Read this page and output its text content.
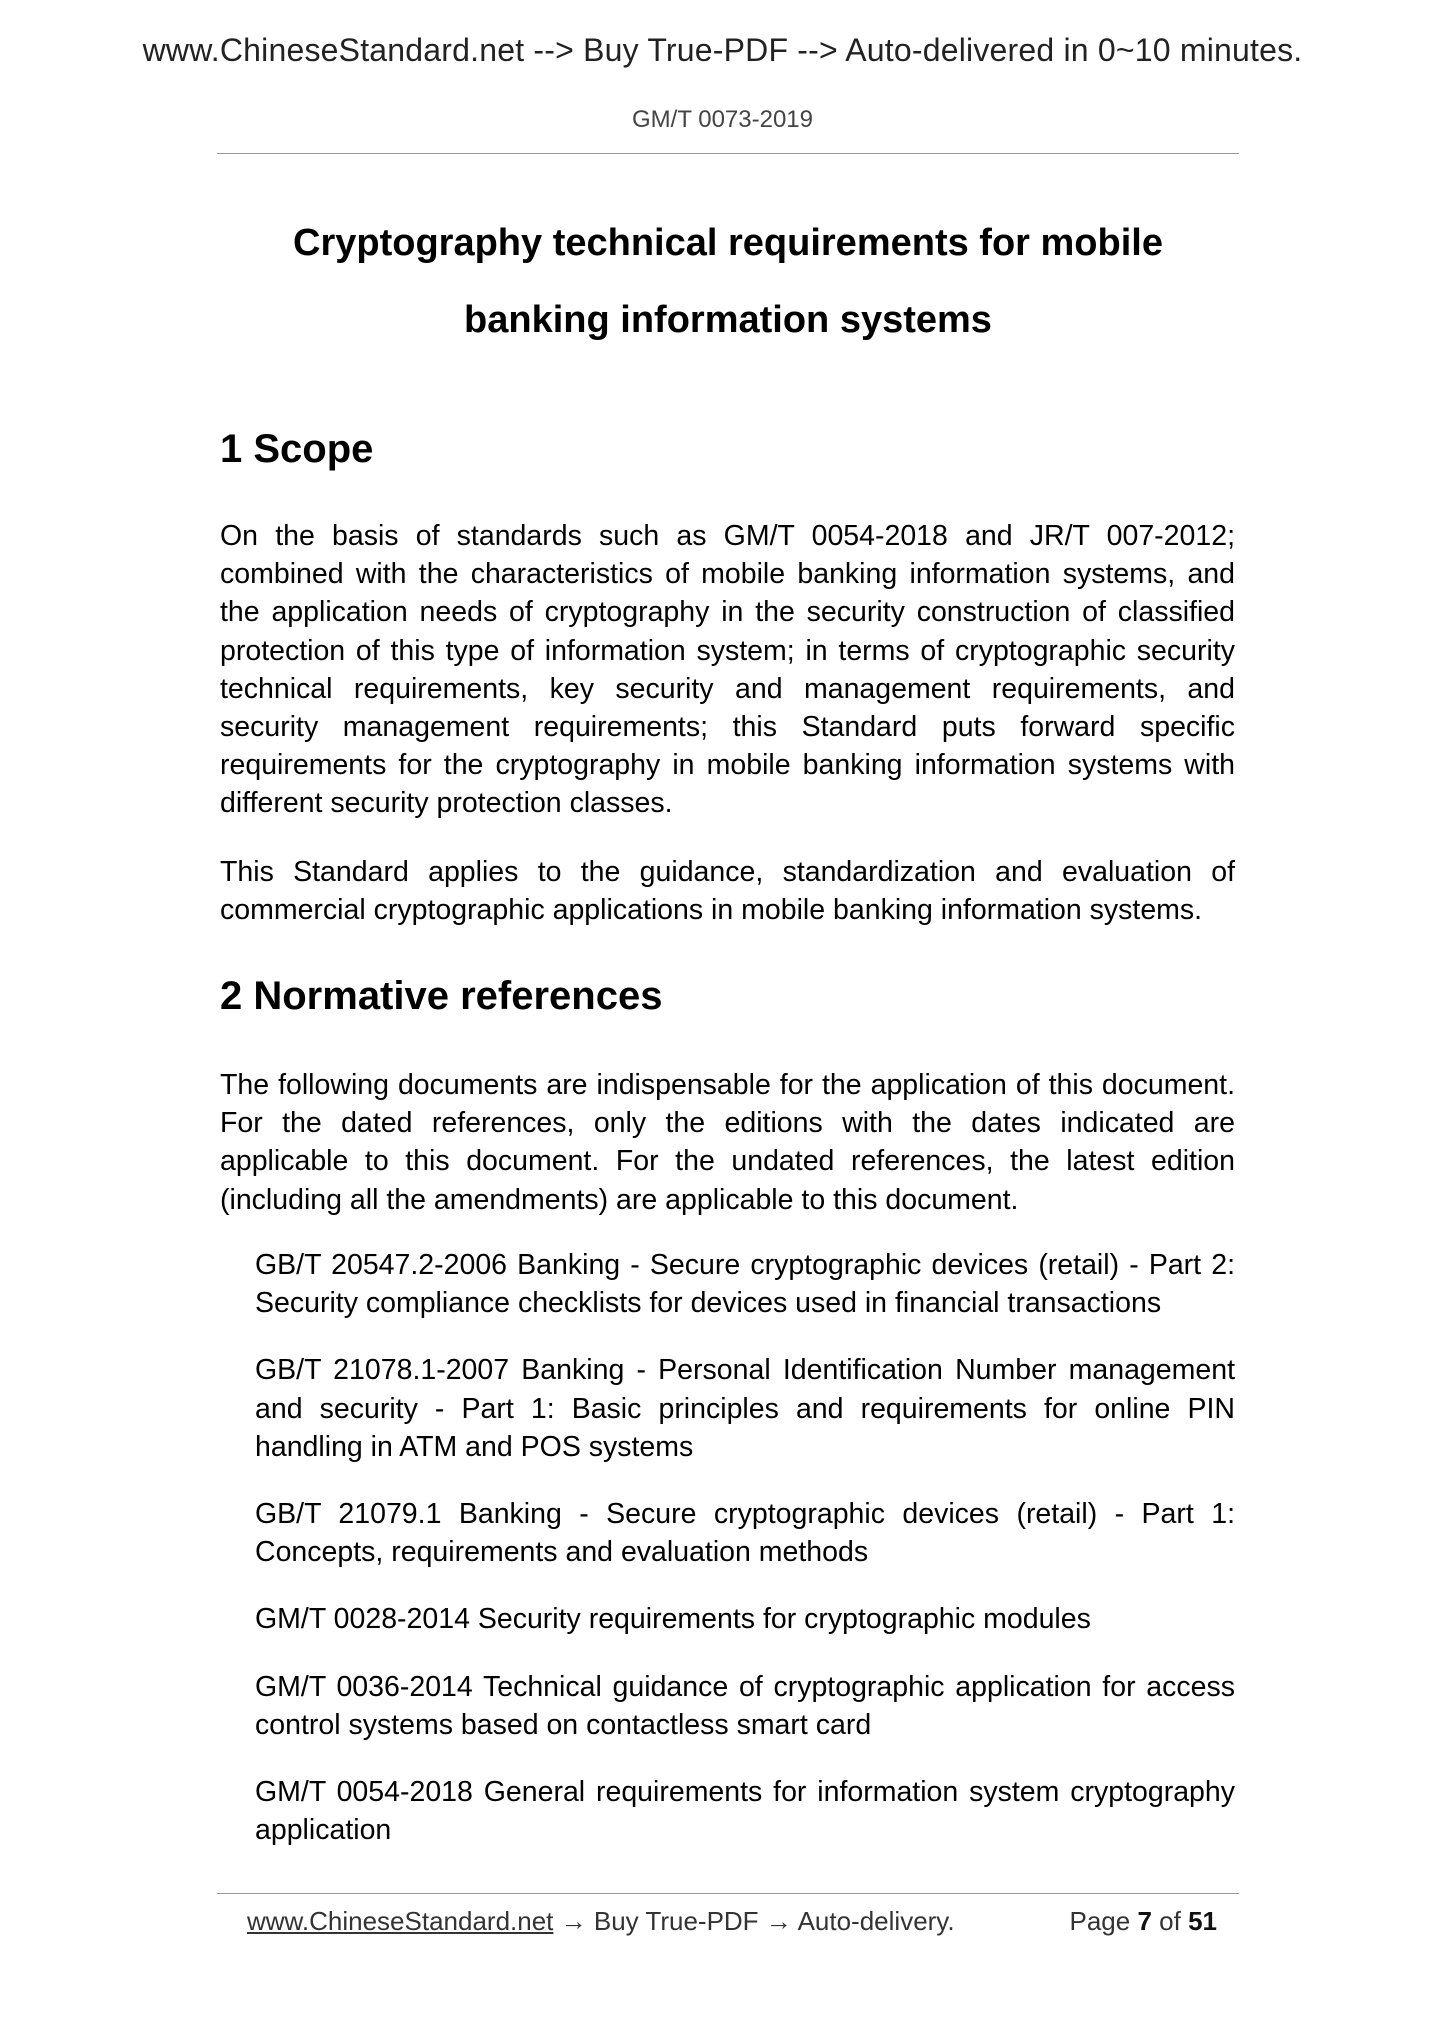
www.ChineseStandard.net --> Buy True-PDF --> Auto-delivered in 0~10 minutes.
GM/T 0073-2019
Cryptography technical requirements for mobile
banking information systems
1 Scope

On the basis of standards such as GM/T 0054-2018 and JR/T 007-2012; combined with the characteristics of mobile banking information systems, and the application needs of cryptography in the security construction of classified protection of this type of information system; in terms of cryptographic security technical requirements, key security and management requirements, and security management requirements; this Standard puts forward specific requirements for the cryptography in mobile banking information systems with different security protection classes.

This Standard applies to the guidance, standardization and evaluation of commercial cryptographic applications in mobile banking information systems.

2 Normative references

The following documents are indispensable for the application of this document. For the dated references, only the editions with the dates indicated are applicable to this document. For the undated references, the latest edition (including all the amendments) are applicable to this document.

GB/T 20547.2-2006 Banking - Secure cryptographic devices (retail) - Part 2: Security compliance checklists for devices used in financial transactions
GB/T 21078.1-2007 Banking - Personal Identification Number management and security - Part 1: Basic principles and requirements for online PIN handling in ATM and POS systems
GB/T 21079.1 Banking - Secure cryptographic devices (retail) - Part 1: Concepts, requirements and evaluation methods
GM/T 0028-2014 Security requirements for cryptographic modules
GM/T 0036-2014 Technical guidance of cryptographic application for access control systems based on contactless smart card
GM/T 0054-2018 General requirements for information system cryptography application
www.ChineseStandard.net → Buy True-PDF → Auto-delivery.	Page 7 of 51
